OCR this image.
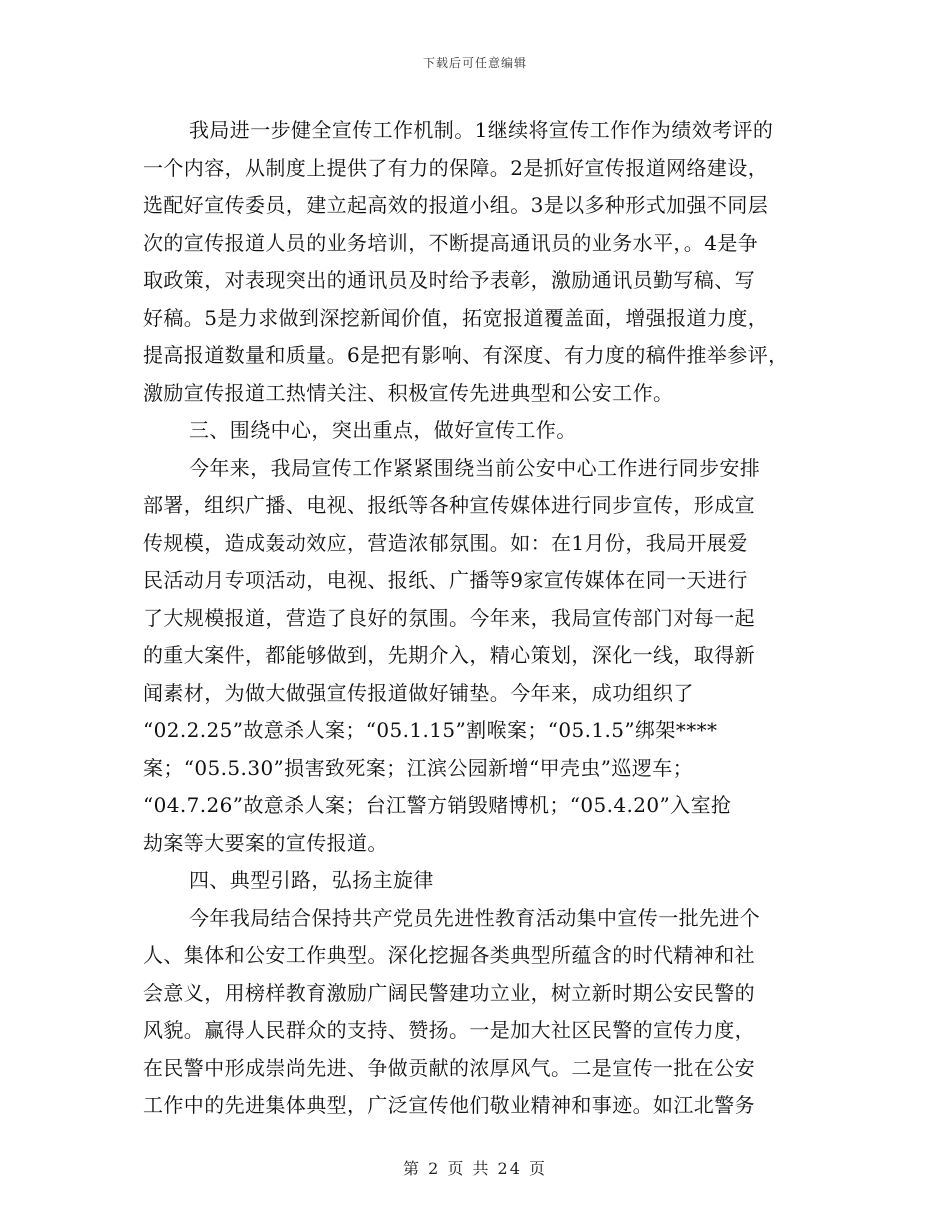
下载后可任意编辑
我局进一步健全宣传工作机制。1继续将宣传工作作为绩效考评的
一个内容，从制度上提供了有力的保障。2是抓好宣传报道网络建设，
选配好宣传委员，建立起高效的报道小组。3是以多种形式加强不同层
次的宣传报道人员的业务培训，不断提高通讯员的业务水平，。4是争
取政策，对表现突出的通讯员及时给予表彰，激励通讯员勤写稿、写
好稿。5是力求做到深挖新闻价值，拓宽报道覆盖面，增强报道力度，
提高报道数量和质量。6是把有影响、有深度、有力度的稿件推举参评，
激励宣传报道工热情关注、积极宣传先进典型和公安工作。
三、围绕中心，突出重点，做好宣传工作。
今年来，我局宣传工作紧紧围绕当前公安中心工作进行同步安排
部署，组织广播、电视、报纸等各种宣传媒体进行同步宣传，形成宣
传规模，造成轰动效应，营造浓郁氛围。如：在1月份，我局开展爱
民活动月专项活动，电视、报纸、广播等9家宣传媒体在同一天进行
了大规模报道，营造了良好的氛围。今年来，我局宣传部门对每一起
的重大案件，都能够做到，先期介入，精心策划，深化一线，取得新
闻素材，为做大做强宣传报道做好铺垫。今年来，成功组织了
“02.2.25”故意杀人案；“05.1.15”割喉案；“05.1.5”绑架****
案；“05.5.30”损害致死案；江滨公园新增“甲壳虫”巡逻车；
“04.7.26”故意杀人案；台江警方销毁赌博机；“05.4.20”入室抢
劫案等大要案的宣传报道。
四、典型引路，弘扬主旋律
今年我局结合保持共产党员先进性教育活动集中宣传一批先进个
人、集体和公安工作典型。深化挖掘各类典型所蕴含的时代精神和社
会意义，用榜样教育激励广阔民警建功立业，树立新时期公安民警的
风貌。赢得人民群众的支持、赞扬。一是加大社区民警的宣传力度，
在民警中形成崇尚先进、争做贡献的浓厚风气。二是宣传一批在公安
工作中的先进集体典型，广泛宣传他们敬业精神和事迹。如江北警务
第 2 页 共 24 页
